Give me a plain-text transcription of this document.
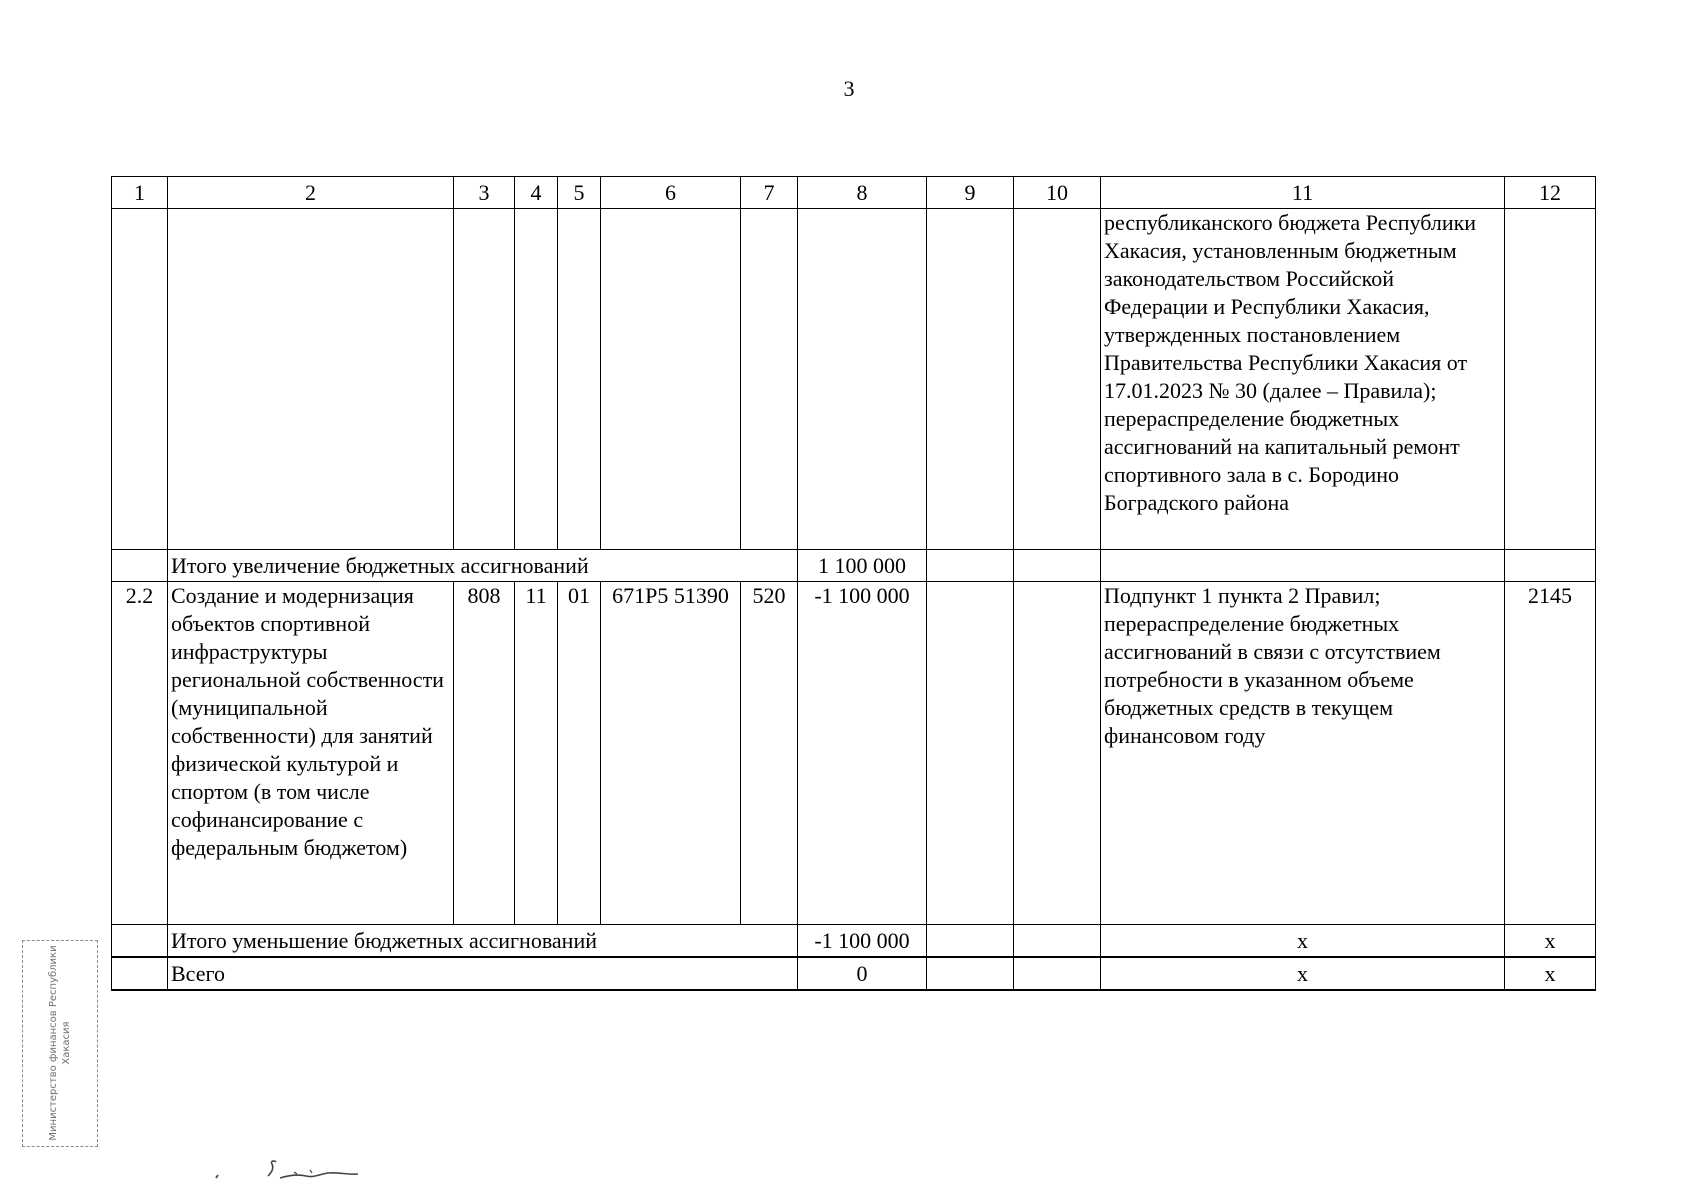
3
1	2	3	4	5	6	7	8	9	10	11	12
										республиканского бюджета Республики Хакасия, установленным бюджетным законодательством Российской Федерации и Республики Хакасия, утвержденных постановлением Правительства Республики Хакасия от 17.01.2023 № 30 (далее – Правила); перераспределение бюджетных ассигнований на капитальный ремонт спортивного зала в с. Бородино Боградского района	
	Итого увеличение бюджетных ассигнований						1 100 000				
2.2	Создание и модернизация объектов спортивной инфраструктуры региональной собственности (муниципальной собственности) для занятий физической культурой и спортом (в том числе софинансирование с федеральным бюджетом)	808	11	01	671P5 51390	520	-1 100 000			Подпункт 1 пункта 2 Правил; перераспределение бюджетных ассигнований в связи с отсутствием потребности в указанном объеме бюджетных средств в текущем финансовом году	2145
	Итого уменьшение бюджетных ассигнований						-1 100 000			x	x
	Всего						0			x	x
Министерство финансов Республики Хакасия
